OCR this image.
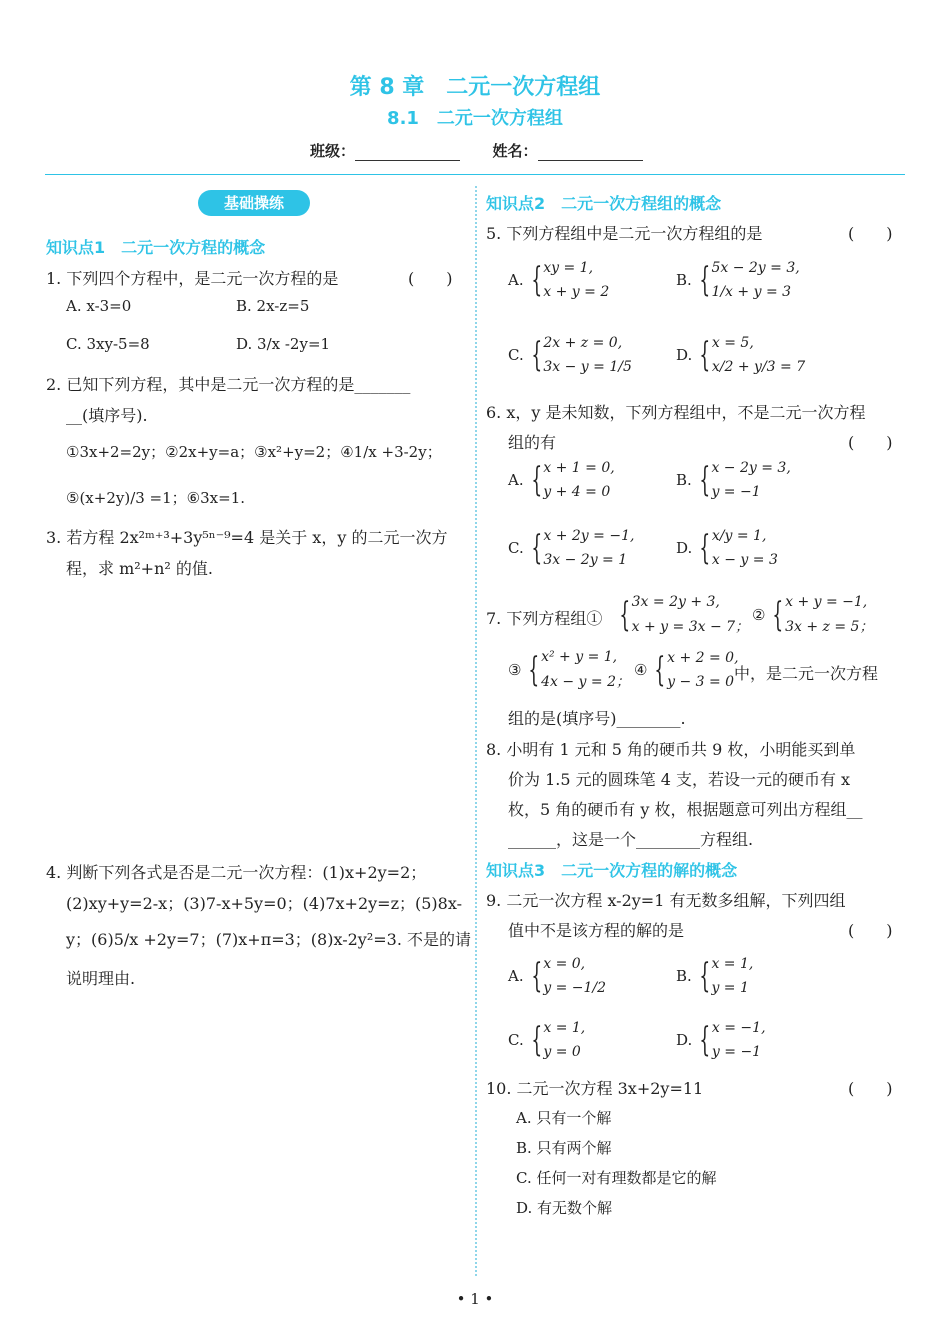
第 8 章　二元一次方程组
8.1　二元一次方程组
班级：	姓名：
基础操练
知识点1　二元一次方程的概念
1. 下列四个方程中，是二元一次方程的是	(　　)
A. x-3=0	B. 2x-z=5
C. 3xy-5=8	D. 3/x -2y=1
2. 已知下列方程，其中是二元一次方程的是_______
__(填序号).
①3x+2=2y；②2x+y=a；③x²+y=2；④1/x +3-2y；
⑤(x+2y)/3 =1；⑥3x=1.
3. 若方程 2x²ᵐ⁺³+3y⁵ⁿ⁻⁹=4 是关于 x，y 的二元一次方
程，求 m²+n² 的值.
4. 判断下列各式是否是二元一次方程：(1)x+2y=2；
(2)xy+y=2-x；(3)7-x+5y=0；(4)7x+2y=z；(5)8x-
y；(6)5/x +2y=7；(7)x+π=3；(8)x-2y²=3. 不是的请
说明理由.
知识点2　二元一次方程组的概念
5. 下列方程组中是二元一次方程组的是	(　　)
A. { xy = 1,
x + y = 2
B. { 5x − 2y = 3,
1/x + y = 3
C. { 2x + z = 0,
3x − y = 1/5
D. { x = 5,
x/2 + y/3 = 7
6. x，y 是未知数，下列方程组中，不是二元一次方程
组的有	(　　)
A. { x + 1 = 0,
y + 4 = 0
B. { x − 2y = 3,
y = −1
C. { x + 2y = −1,
3x − 2y = 1
D. { x/y = 1,
x − y = 3
7. 下列方程组① { 3x = 2y + 3,
x + y = 3x − 7；
② { x + y = −1,
3x + z = 5；
③ { x² + y = 1,
4x − y = 2；
④ { x + 2 = 0,
y − 3 = 0 中，是二元一次方程
组的是(填序号)________.
8. 小明有 1 元和 5 角的硬币共 9 枚，小明能买到单
价为 1.5 元的圆珠笔 4 支，若设一元的硬币有 x
枚，5 角的硬币有 y 枚，根据题意可列出方程组__
______，这是一个________方程组.
知识点3　二元一次方程的解的概念
9. 二元一次方程 x-2y=1 有无数多组解，下列四组
值中不是该方程的解的是	(　　)
A. { x = 0,
y = −1/2
B. { x = 1,
y = 1
C. { x = 1,
y = 0
D. { x = −1,
y = −1
10. 二元一次方程 3x+2y=11	(　　)
A. 只有一个解
B. 只有两个解
C. 任何一对有理数都是它的解
D. 有无数个解
• 1 •
